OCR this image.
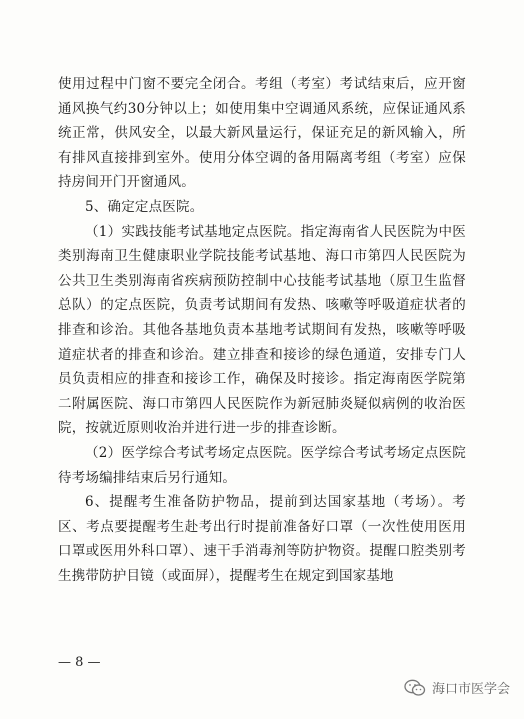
使用过程中门窗不要完全闭合。考组（考室）考试结束后，应开窗通风换气约30分钟以上；如使用集中空调通风系统，应保证通风系统正常，供风安全，以最大新风量运行，保证充足的新风输入，所有排风直接排到室外。使用分体空调的备用隔离考组（考室）应保持房间开门开窗通风。

5、确定定点医院。

（1）实践技能考试基地定点医院。指定海南省人民医院为中医类别海南卫生健康职业学院技能考试基地、海口市第四人民医院为公共卫生类别海南省疾病预防控制中心技能考试基地（原卫生监督总队）的定点医院，负责考试期间有发热、咳嗽等呼吸道症状者的排查和诊治。其他各基地负责本基地考试期间有发热，咳嗽等呼吸道症状者的排查和诊治。建立排查和接诊的绿色通道，安排专门人员负责相应的排查和接诊工作，确保及时接诊。指定海南医学院第二附属医院、海口市第四人民医院作为新冠肺炎疑似病例的收治医院，按就近原则收治并进行进一步的排查诊断。

（2）医学综合考试考场定点医院。医学综合考试考场定点医院待考场编排结束后另行通知。

6、提醒考生准备防护物品，提前到达国家基地（考场）。考区、考点要提醒考生赴考出行时提前准备好口罩（一次性使用医用口罩或医用外科口罩）、速干手消毒剂等防护物资。提醒口腔类别考生携带防护目镜（或面屏），提醒考生在规定到国家基地

— 8 —
海口市医学会
